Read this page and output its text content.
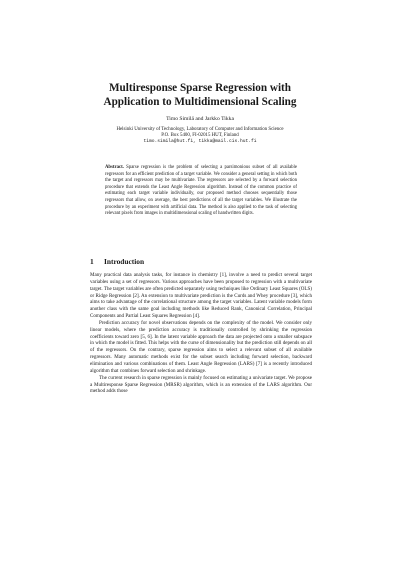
Multiresponse Sparse Regression with
Application to Multidimensional Scaling
Timo Similä and Jarkko Tikka
Helsinki University of Technology, Laboratory of Computer and Information Science
P.O. Box 5400, FI-02015 HUT, Finland
timo.simila@hut.fi, tikka@mail.cis.hut.fi
Abstract. Sparse regression is the problem of selecting a parsimonious subset of all available regressors for an efficient prediction of a target variable. We consider a general setting in which both the target and regressors may be multivariate. The regressors are selected by a forward selection procedure that extends the Least Angle Regression algorithm. Instead of the common practice of estimating each target variable individually, our proposed method chooses sequentially those regressors that allow, on average, the best predictions of all the target variables. We illustrate the procedure by an experiment with artificial data. The method is also applied to the task of selecting relevant pixels from images in multidimensional scaling of handwritten digits.
1 Introduction

Many practical data analysis tasks, for instance in chemistry [1], involve a need to predict several target variables using a set of regressors. Various approaches have been proposed to regression with a multivariate target. The target variables are often predicted separately using techniques like Ordinary Least Squares (OLS) or Ridge Regression [2]. An extension to multivariate prediction is the Curds and Whey procedure [3], which aims to take advantage of the correlational structure among the target variables. Latent variable models form another class with the same goal including methods like Reduced Rank, Canonical Correlation, Principal Components and Partial Least Squares Regression [4].

Prediction accuracy for novel observations depends on the complexity of the model. We consider only linear models, where the prediction accuracy is traditionally controlled by shrinking the regression coefficients toward zero [5, 6]. In the latent variable approach the data are projected onto a smaller subspace in which the model is fitted. This helps with the curse of dimensionality but the prediction still depends on all of the regressors. On the contrary, sparse regression aims to select a relevant subset of all available regressors. Many automatic methods exist for the subset search including forward selection, backward elimination and various combinations of them. Least Angle Regression (LARS) [7] is a recently introduced algorithm that combines forward selection and shrinkage.

The current research in sparse regression is mainly focused on estimating a univariate target. We propose a Multiresponse Sparse Regression (MRSR) algorithm, which is an extension of the LARS algorithm. Our method adds those
